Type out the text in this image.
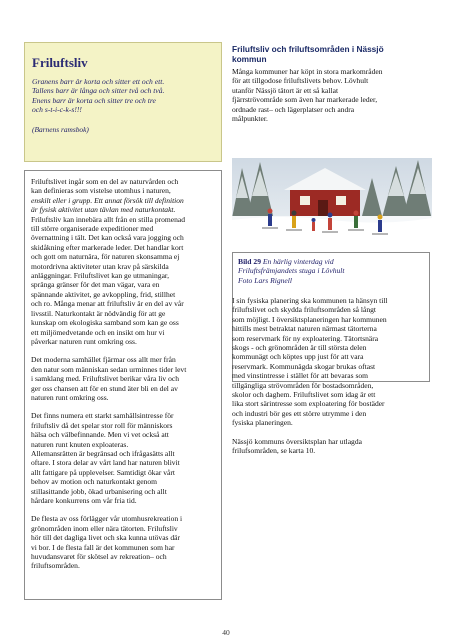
Friluftsliv
Granens barr är korta och sitter ett och ett.
Tallens barr är långa och sitter två och två.
Enens barr är korta och sitter tre och tre
och s-t-i-c-k-s!!!
(Barnens ramsbok)
Friluftslivet ingår som en del av naturvården och
kan definieras som vistelse utomhus i naturen,
enskilt eller i grupp. Ett annat försök till definition
är fysisk aktivitet utan tävlan med naturkontakt.
Friluftsliv kan innebära allt från en stilla promenad
till större organiserade expeditioner med
övernattning i tält. Det kan också vara jogging och
skidåkning efter markerade leder. Det handlar kort
och gott om naturnära, för naturen skonsamma ej
motordrivna aktiviteter utan krav på särskilda
anläggningar. Friluftslivet kan ge utmaningar,
spränga gränser för det man vägar, vara en
spännande aktivitet, ge avkoppling, frid, stillhet
och ro. Många menar att friluftsliv är en del av vår
livsstil. Naturkontakt är nödvändig för att ge
kunskap om ekologiska samband som kan ge oss
ett miljömedvetande och en insikt om hur vi
påverkar naturen runt omkring oss.
Det moderna samhället fjärmar oss allt mer från
den natur som människan sedan urminnes tider levt
i samklang med. Friluftslivet berikar våra liv och
ger oss chansen att för en stund äter bli en del av
naturen runt omkring oss.
Det finns numera ett starkt samhällsintresse för
friluftsliv då det spelar stor roll för människors
hälsa och välbefinnande. Men vi vet också att
naturen runt knuten exploateras.
Allemansrätten är begränsad och ifrågasätts allt
oftare. I stora delar av vårt land har naturen blivit
allt fattigare på upplevelser. Samtidigt ökar vårt
behov av motion och naturkontakt genom
stillasittande jobb, ökad urbanisering och allt
hårdare konkurrens om vår fria tid.
De flesta av oss förlägger vår utomhusrekreation i
grönområden inom eller nära tätorten. Friluftsliv
hör till det dagliga livet och ska kunna utövas där
vi bor. I de flesta fall är det kommunen som har
huvudansvaret för skötsel av rekreation– och
friluftsområden.
Friluftsliv och friluftsområden i Nässjö
kommun
Många kommuner har köpt in stora markområden
för att tillgodose friluftslivets behov. Lövhult
utanför Nässjö tätort är ett så kallat
fjärrströvområde som även har markerade leder,
ordnade rast– och lägerplatser och andra
målpunkter.
Bild 29 En härlig vinterdag vid
Friluftsfrämjandets stuga i Lövhult
Foto Lars Rignell
I sin fysiska planering ska kommunen ta hänsyn till
friluftslivet och skydda friluftsområden så långt
som möjligt. I översiktsplaneringen har kommunen
hittills mest betraktat naturen närmast tätorterna
som reservmark för ny exploatering. Tätortsnära
skogs - och grönområden är till största delen
kommunägt och köptes upp just för att vara
reservmark. Kommunägda skogar brukas oftast
med vinstintresse i stället för att bevaras som
tillgängliga strövområden för bostadsområden,
skolor och daghem. Friluftslivet som idag är ett
lika stort särintresse som exploatering för bostäder
och industri bör ges ett större utrymme i den
fysiska planeringen.
Nässjö kommuns översiktsplan har utlagda
frilufsområden, se karta 10.
40
